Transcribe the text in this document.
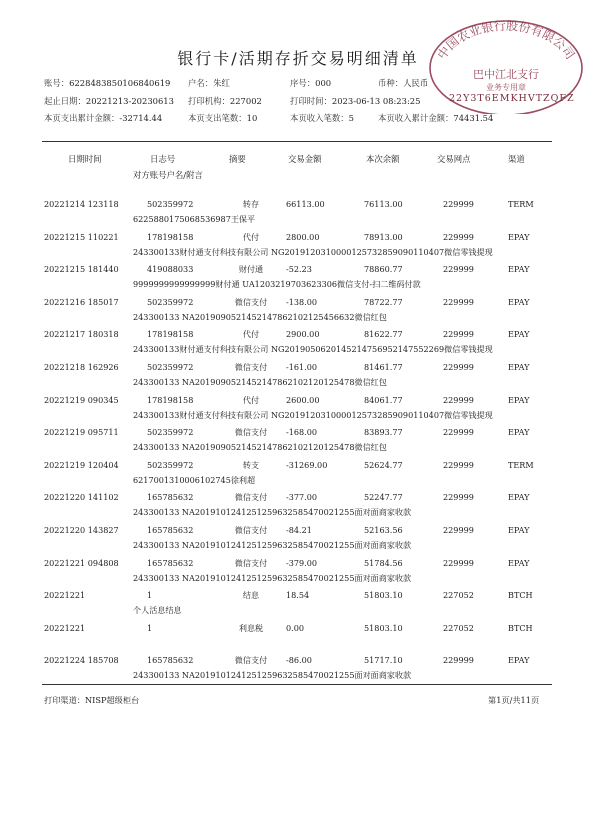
银行卡/活期存折交易明细清单
账号：6228483850106840619 户名：朱红	序号：000	币种：人民币
起止日期：20221213-20230613 打印机构：227002	打印时间：2023-06-13 08:23:25
本页支出累计金额：-32714.44	本页支出笔数：10	本页收入笔数：5	本页收入累计金额：74431.54
中国农业银行股份有限公司
巴中江北支行
业务专用章
22Y3T6EMKHVTZQFZ
日期时间	日志号	摘要	交易金额	本次余额	交易网点	渠道
对方账号户名/附言
20221214 123118	502359972	转存	66113.00	76113.00	229999	TERM
6225880175068536987王保平
20221215 110221	178198158	代付	2800.00	78913.00	229999	EPAY
243300133财付通支付科技有限公司 NG201912031000012573285909011040​7微信零钱提现
20221215 181440	419088033	财付通	-52.23	78860.77	229999	EPAY
9999999999999999财付通 UA1203219703623306微信支付-扫二维码付款
20221216 185017	502359972	微信支付	-138.00	78722.77	229999	EPAY
243300133 NA201909052145214786210212545663​2微信红包
20221217 180318	178198158	代付	2900.00	81622.77	229999	EPAY
243300133财付通支付科技有限公司 NG201905062014521475695214755226​9微信零钱提现
20221218 162926	502359972	微信支付	-161.00	81461.77	229999	EPAY
243300133 NA201909052145214786210212012547​8微信红包
20221219 090345	178198158	代付	2600.00	84061.77	229999	EPAY
243300133财付通支付科技有限公司 NG201912031000012573285909011040​7微信零钱提现
20221219 095711	502359972	微信支付	-168.00	83893.77	229999	EPAY
243300133 NA201909052145214786210212012547​8微信红包
20221219 120404	502359972	转支	-31269.00	52624.77	229999	TERM
6217001310006102745徐利超
20221220 141102	165785632	微信支付	-377.00	52247.77	229999	EPAY
243300133 NA201910124125125963258547002125​5面对面商家收款
20221220 143827	165785632	微信支付	-84.21	52163.56	229999	EPAY
243300133 NA201910124125125963258547002125​5面对面商家收款
20221221 094808	165785632	微信支付	-379.00	51784.56	229999	EPAY
243300133 NA201910124125125963258547002125​5面对面商家收款
20221221	1	结息	18.54	51803.10	227052	BTCH
个人活息结息
20221221	1	利息税	0.00	51803.10	227052	BTCH
20221224 185708	165785632	微信支付	-86.00	51717.10	229999	EPAY
243300133 NA201910124125125963258547002125​5面对面商家收款
打印渠道：NISP超级柜台	第1页/共11页
